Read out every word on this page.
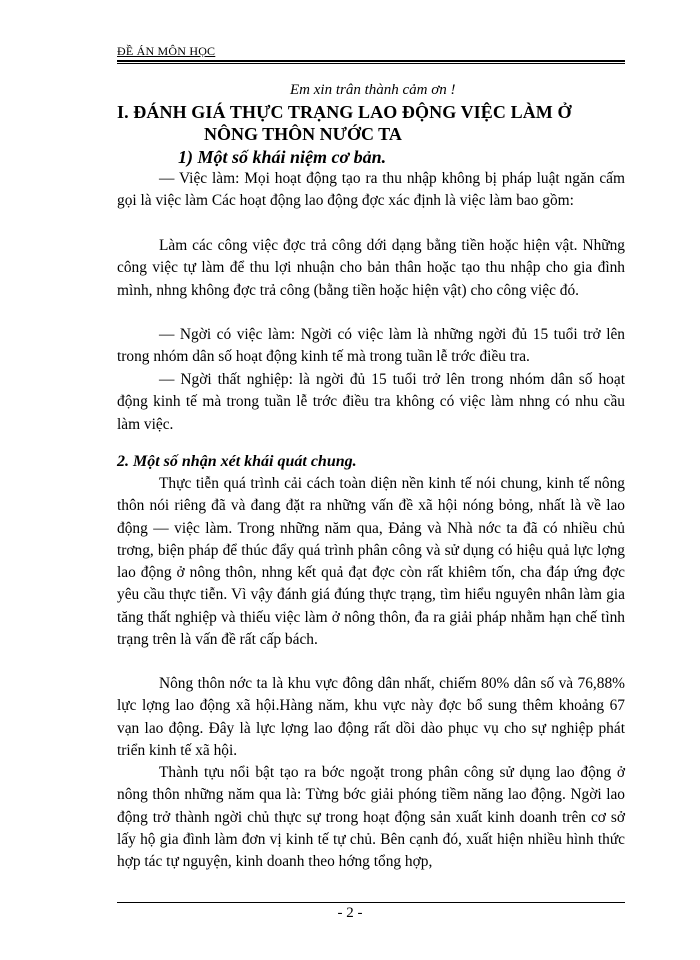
ĐỀ ÁN MÔN HỌC
Em xin trân thành cảm ơn !
I. ĐÁNH GIÁ THỰC TRẠNG LAO ĐỘNG VIỆC LÀM Ở
NÔNG THÔN NƯỚC TA
1) Một số khái niệm cơ bản.

— Việc làm: Mọi hoạt động tạo ra thu nhập không bị pháp luật ngăn cấm gọi là việc làm Các hoạt động lao động đợc xác định là việc làm bao gồm:

Làm các công việc đợc trả công dới dạng bằng tiền hoặc hiện vật. Những công việc tự làm để thu lợi nhuận cho bản thân hoặc tạo thu nhập cho gia đình mình, nhng không đợc trả công (bằng tiền hoặc hiện vật) cho công việc đó.

— Ngời có việc làm: Ngời có việc làm là những ngời đủ 15 tuổi trở lên trong nhóm dân số hoạt động kinh tế mà trong tuần lễ trớc điều tra.

— Ngời thất nghiệp: là ngời đủ 15 tuổi trở lên trong nhóm dân số hoạt động kinh tế mà trong tuần lễ trớc điều tra không có việc làm nhng có nhu cầu làm việc.

2. Một số nhận xét khái quát chung.

Thực tiễn quá trình cải cách toàn diện nền kinh tế nói chung, kinh tế nông thôn nói riêng đã và đang đặt ra những vấn đề xã hội nóng bỏng, nhất là về lao động — việc làm. Trong những năm qua, Đảng và Nhà nớc ta đã có nhiều chủ trơng, biện pháp để thúc đẩy quá trình phân công và sử dụng có hiệu quả lực lợng lao động ở nông thôn, nhng kết quả đạt đợc còn rất khiêm tốn, cha đáp ứng đợc yêu cầu thực tiễn. Vì vậy đánh giá đúng thực trạng, tìm hiểu nguyên nhân làm gia tăng thất nghiệp và thiếu việc làm ở nông thôn, đa ra giải pháp nhằm hạn chế tình trạng trên là vấn đề rất cấp bách.

Nông thôn nớc ta là khu vực đông dân nhất, chiếm 80% dân số và 76,88% lực lợng lao động xã hội.Hàng năm, khu vực này đợc bổ sung thêm khoảng 67 vạn lao động. Đây là lực lợng lao động rất dồi dào phục vụ cho sự nghiệp phát triển kinh tế xã hội.

Thành tựu nổi bật tạo ra bớc ngoặt trong phân công sử dụng lao động ở nông thôn những năm qua là: Từng bớc giải phóng tiềm năng lao động. Ngời lao động trở thành ngời chủ thực sự trong hoạt động sản xuất kinh doanh trên cơ sở lấy hộ gia đình làm đơn vị kinh tế tự chủ. Bên cạnh đó, xuất hiện nhiều hình thức hợp tác tự nguyện, kinh doanh theo hớng tổng hợp,

- 2 -
